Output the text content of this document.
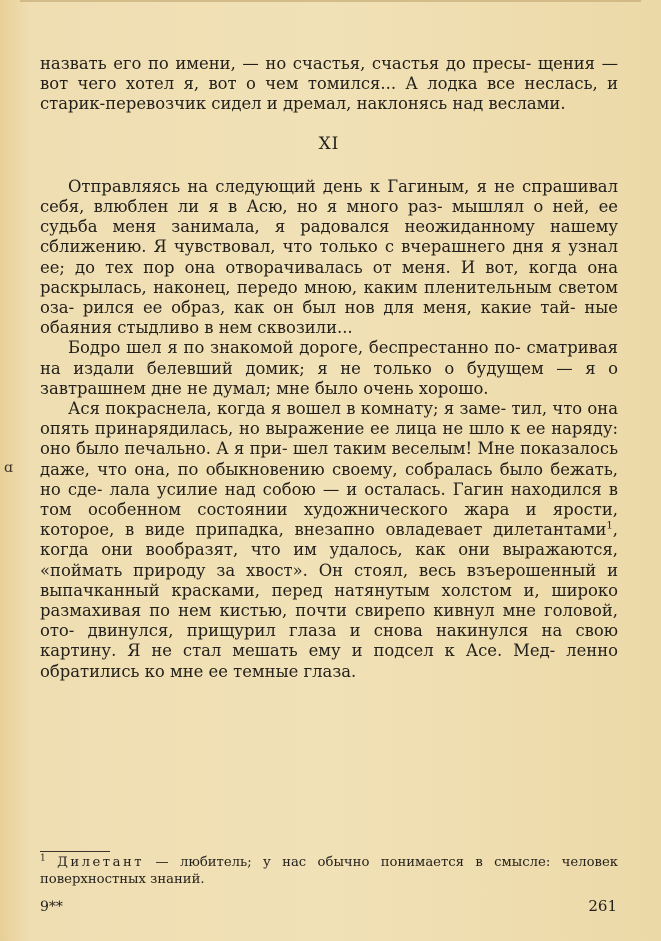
назвать его по имени, — но счастья, счастья до пресы- щения — вот чего хотел я, вот о чем томился... А лодка все неслась, и старик-перевозчик сидел и дремал, наклонясь над веслами.

XI

Отправляясь на следующий день к Гагиным, я не спрашивал себя, влюблен ли я в Асю, но я много раз- мышлял о ней, ее судьба меня занимала, я радовался неожиданному нашему сближению. Я чувствовал, что только с вчерашнего дня я узнал ее; до тех пор она отворачивалась от меня. И вот, когда она раскрылась, наконец, передо мною, каким пленительным светом оза- рился ее образ, как он был нов для меня, какие тай- ные обаяния стыдливо в нем сквозили...

Бодро шел я по знакомой дороге, беспрестанно по- сматривая на издали белевший домик; я не только о будущем — я о завтрашнем дне не думал; мне было очень хорошо.

Ася покраснела, когда я вошел в комнату; я заме- тил, что она опять принарядилась, но выражение ее лица не шло к ее наряду: оно было печально. А я при- шел таким веселым! Мне показалось даже, что она, по обыкновению своему, собралась было бежать, но сде- лала усилие над собою — и осталась. Гагин находился в том особенном состоянии художнического жара и ярости, которое, в виде припадка, внезапно овладевает дилетантами$^1$, когда они вообразят, что им удалось, как они выражаются, «поймать природу за хвост». Он стоял, весь взъерошенный и выпачканный красками, перед натянутым холстом и, широко размахивая по нем кистью, почти свирепо кивнул мне головой, отo- двинулся, прищурил глаза и снова накинулся на свою картину. Я не стал мешать ему и подсел к Асе. Мед- ленно обратились ко мне ее темные глаза.

$^1$ Дилетант — любитель; у нас обычно понимается в смысле: человек поверхностных знаний.
9**	261
ɑ
